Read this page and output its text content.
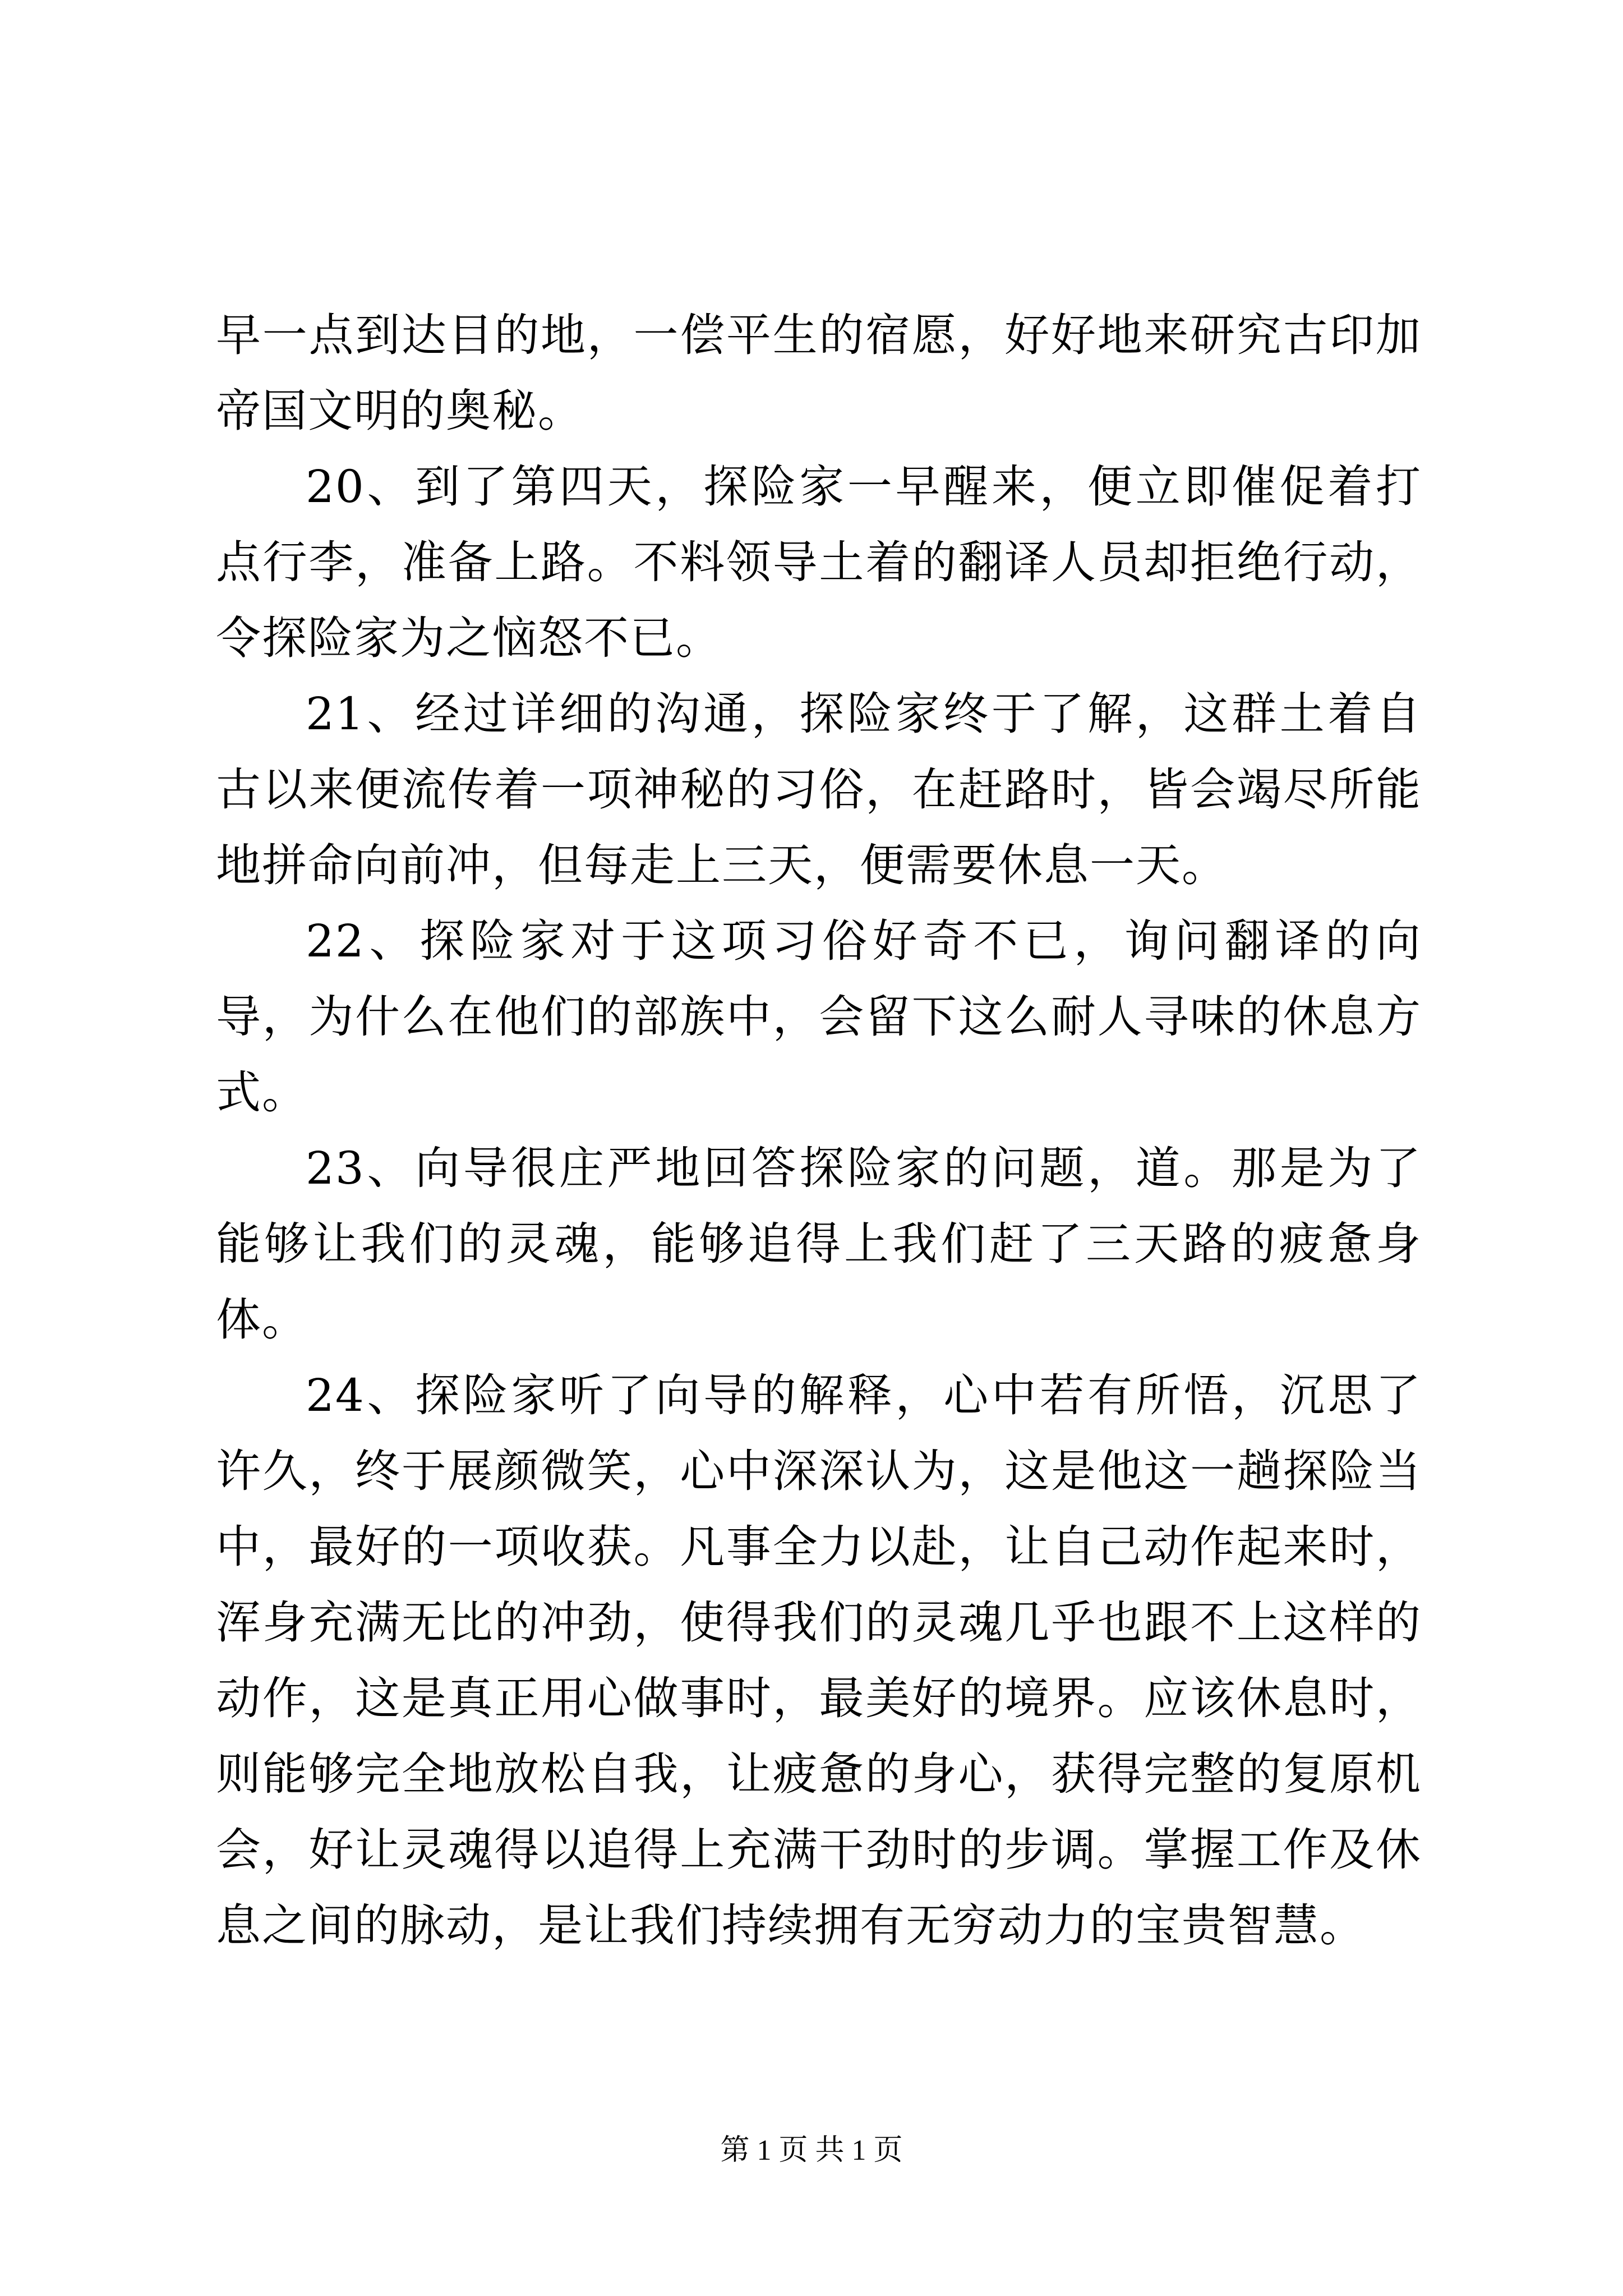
早一点到达目的地，一偿平生的宿愿，好好地来研究古印加帝国文明的奥秘。

20、到了第四天，探险家一早醒来，便立即催促着打点行李，准备上路。不料领导土着的翻译人员却拒绝行动，令探险家为之恼怒不已。

21、经过详细的沟通，探险家终于了解，这群土着自古以来便流传着一项神秘的习俗，在赶路时，皆会竭尽所能地拼命向前冲，但每走上三天，便需要休息一天。

22、探险家对于这项习俗好奇不已，询问翻译的向导，为什么在他们的部族中，会留下这么耐人寻味的休息方式。

23、向导很庄严地回答探险家的问题，道。那是为了能够让我们的灵魂，能够追得上我们赶了三天路的疲惫身体。

24、探险家听了向导的解释，心中若有所悟，沉思了许久，终于展颜微笑，心中深深认为，这是他这一趟探险当中，最好的一项收获。凡事全力以赴，让自己动作起来时，浑身充满无比的冲劲，使得我们的灵魂几乎也跟不上这样的动作，这是真正用心做事时，最美好的境界。应该休息时，则能够完全地放松自我，让疲惫的身心，获得完整的复原机会，好让灵魂得以追得上充满干劲时的步调。掌握工作及休息之间的脉动，是让我们持续拥有无穷动力的宝贵智慧。

第 1 页 共 1 页
